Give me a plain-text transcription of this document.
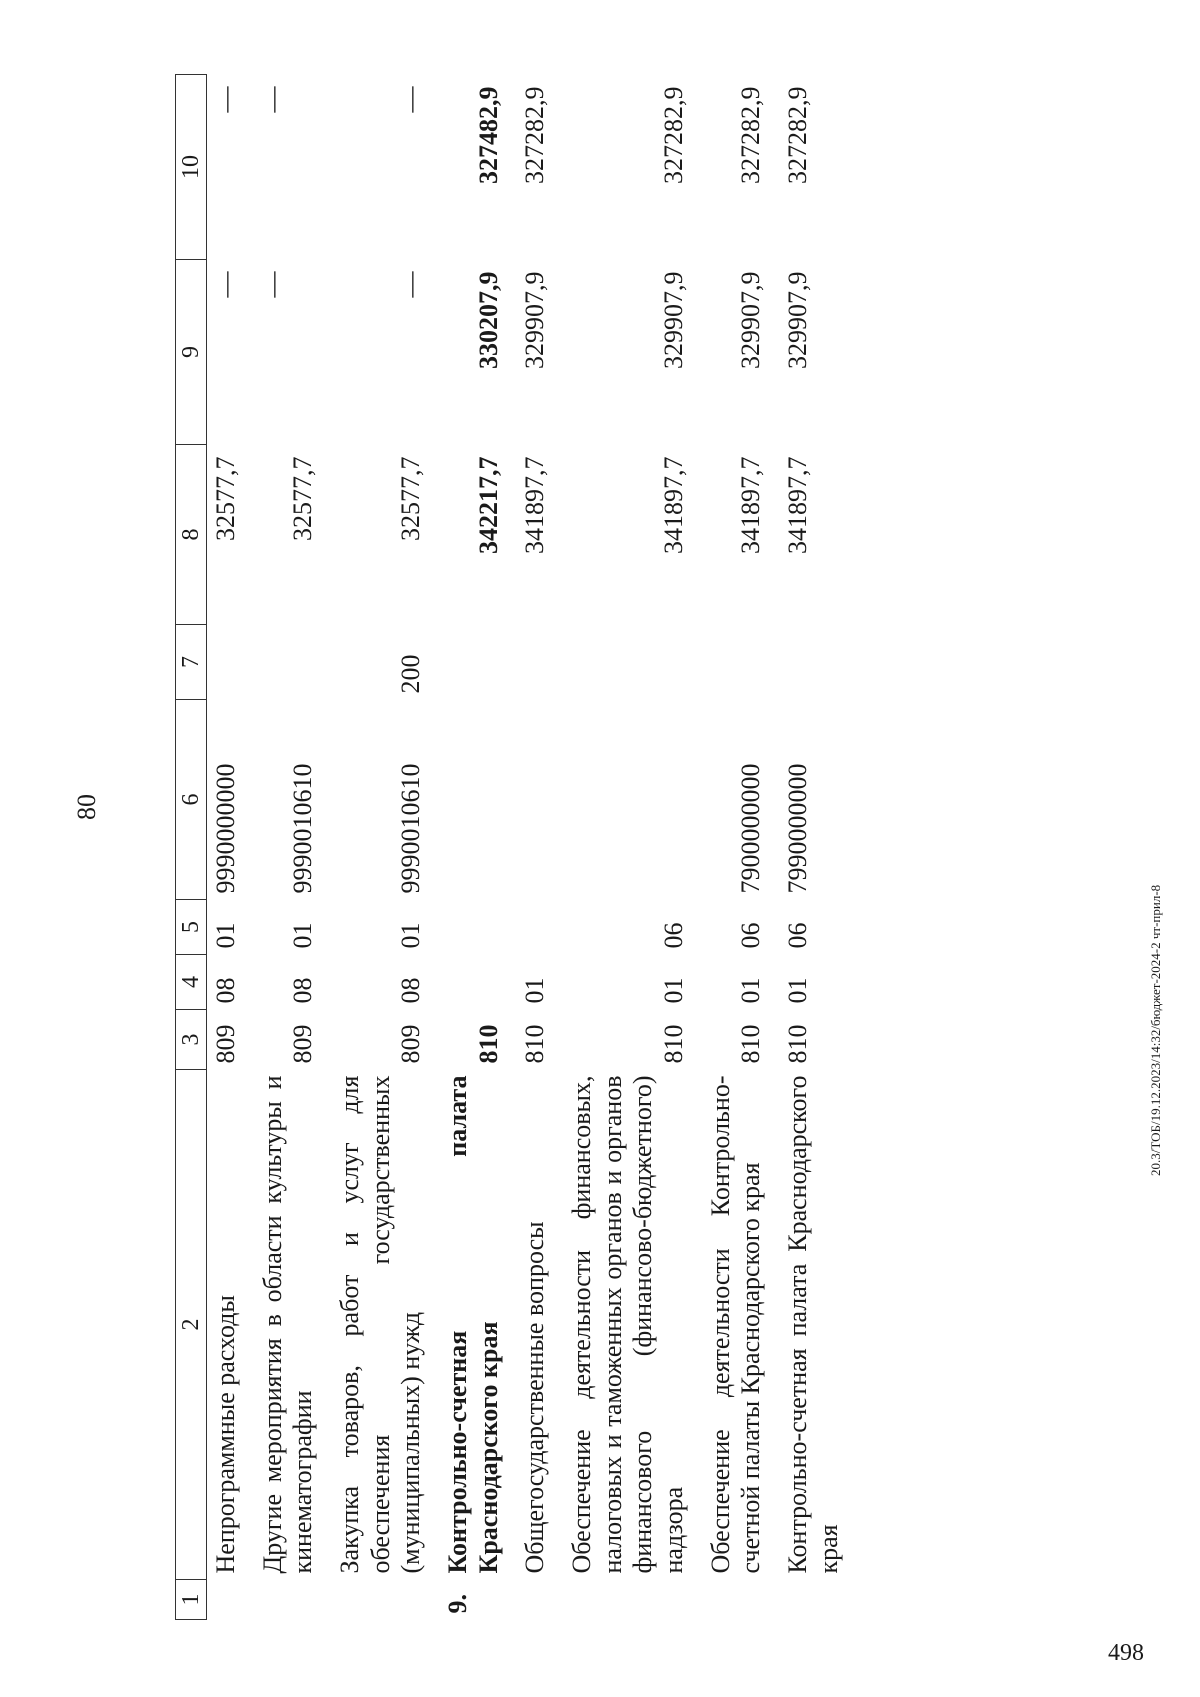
80
1	2	3	4	5	6	7	8	9	10
	Непрограммные расходы	809	08	01	9990000000		32577,7	—	—

	Другие мероприятия в области культуры и кинематографии	809	08	01	9990010610		32577,7	—	—

	Закупка товаров, работ и услуг для обеспечения государственных (муниципальных) нужд	809	08	01	9990010610	200	32577,7	—	—

9.	Контрольно-счетная палата Краснодарского края	810					342217,7	330207,9	327482,9

	Общегосударственные вопросы	810	01				341897,7	329907,9	327282,9

	Обеспечение деятельности финансовых, налоговых и таможенных органов и органов финансового (финансово-бюджетного) надзора	810	01	06			341897,7	329907,9	327282,9

	Обеспечение деятельности Контрольно-счетной палаты Краснодарского края	810	01	06	7900000000		341897,7	329907,9	327282,9

	Контрольно-счетная палата Краснодарского края	810	01	06	7990000000		341897,7	329907,9	327282,9
20.3/ТОБ/19.12.2023/14:32/бюджет-2024-2 чт-прил-8
498
